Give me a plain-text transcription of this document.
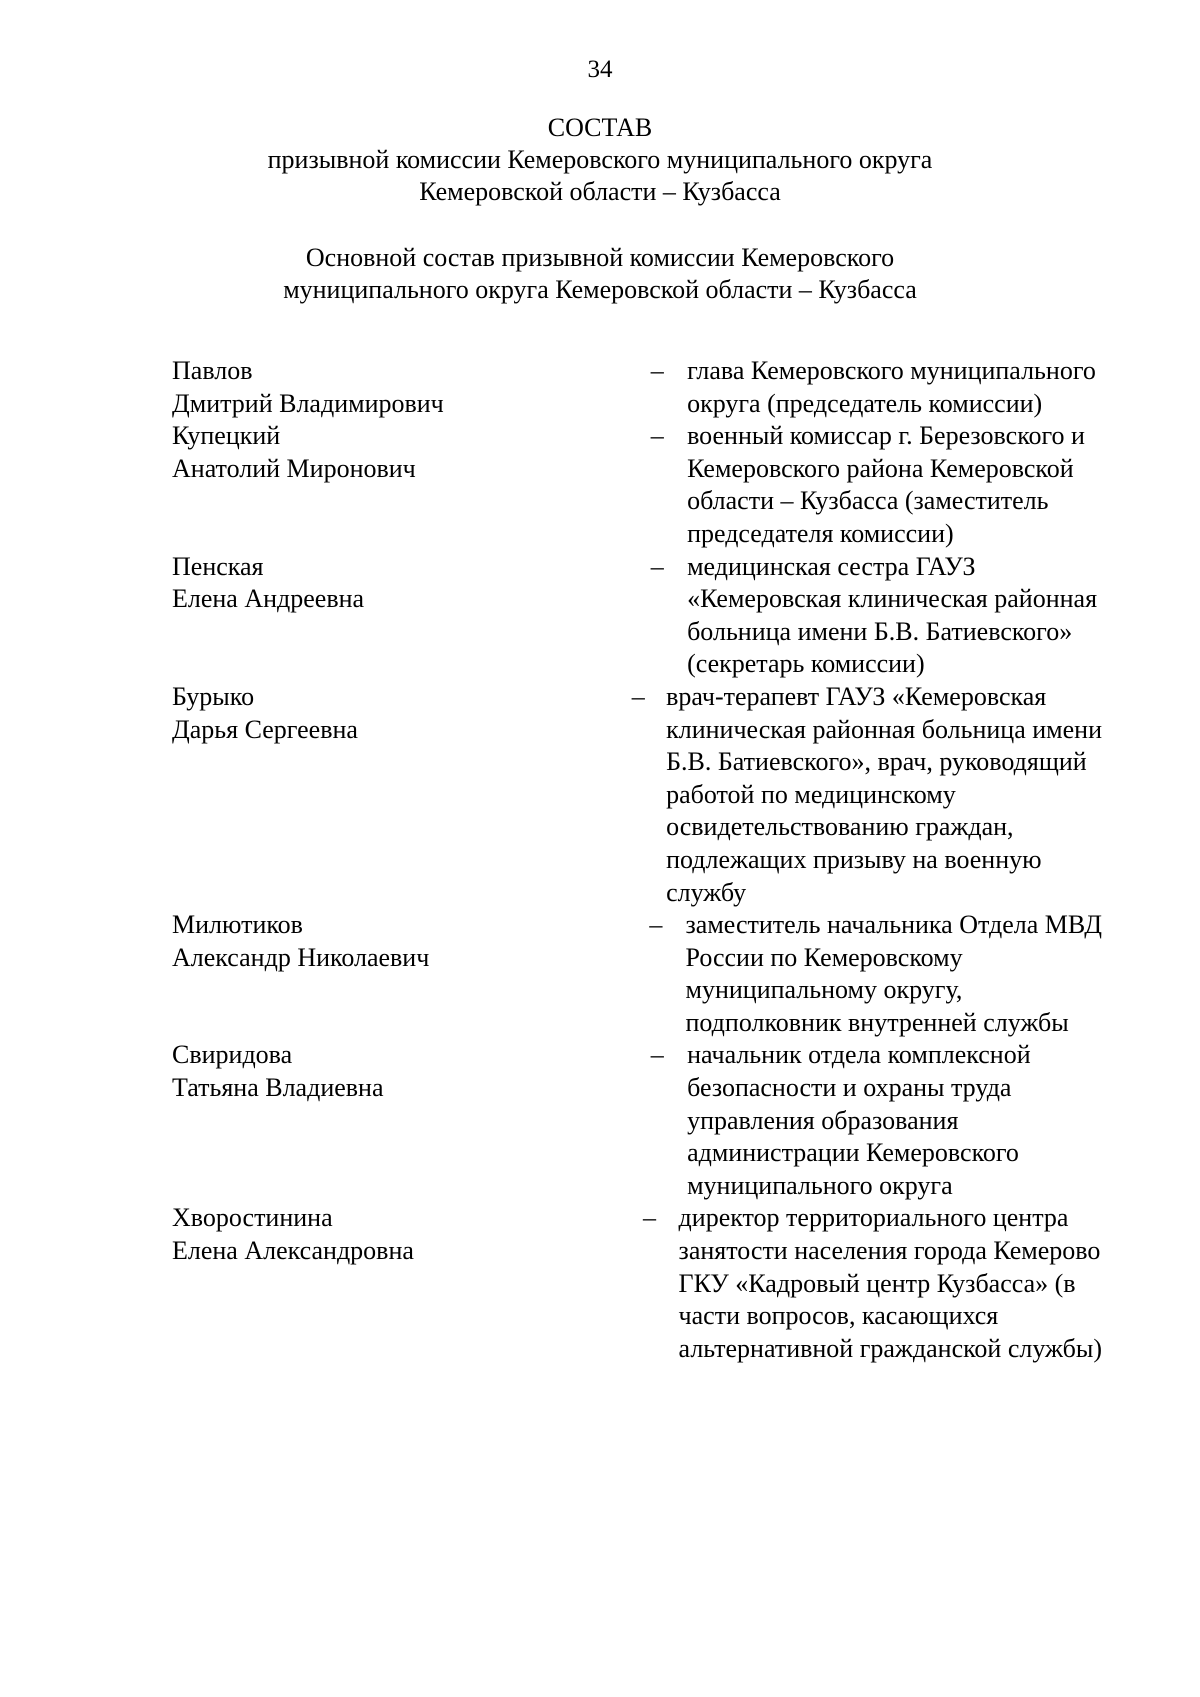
34
СОСТАВ
призывной комиссии Кемеровского муниципального округа
Кемеровской области – Кузбасса
Основной состав призывной комиссии Кемеровского
муниципального округа Кемеровской области – Кузбасса
Павлов
Дмитрий Владимирович
– глава Кемеровского муниципального
округа (председатель комиссии)
Купецкий
Анатолий Миронович
– военный комиссар г. Березовского и
Кемеровского района Кемеровской
области – Кузбасса (заместитель
председателя комиссии)
Пенская
Елена Андреевна
– медицинская сестра ГАУЗ
«Кемеровская клиническая районная
больница имени Б.В. Батиевского»
(секретарь комиссии)
Бурыко
Дарья Сергеевна
– врач-терапевт ГАУЗ «Кемеровская
клиническая районная больница имени
Б.В. Батиевского», врач, руководящий
работой по медицинскому
освидетельствованию граждан,
подлежащих призыву на военную
службу
Милютиков
Александр Николаевич
– заместитель начальника Отдела МВД
России по Кемеровскому
муниципальному округу,
подполковник внутренней службы
Свиридова
Татьяна Владиевна
– начальник отдела комплексной
безопасности и охраны труда
управления образования
администрации Кемеровского
муниципального округа
Хворостинина
Елена Александровна
– директор территориального центра
занятости населения города Кемерово
ГКУ «Кадровый центр Кузбасса» (в
части вопросов, касающихся
альтернативной гражданской службы)
